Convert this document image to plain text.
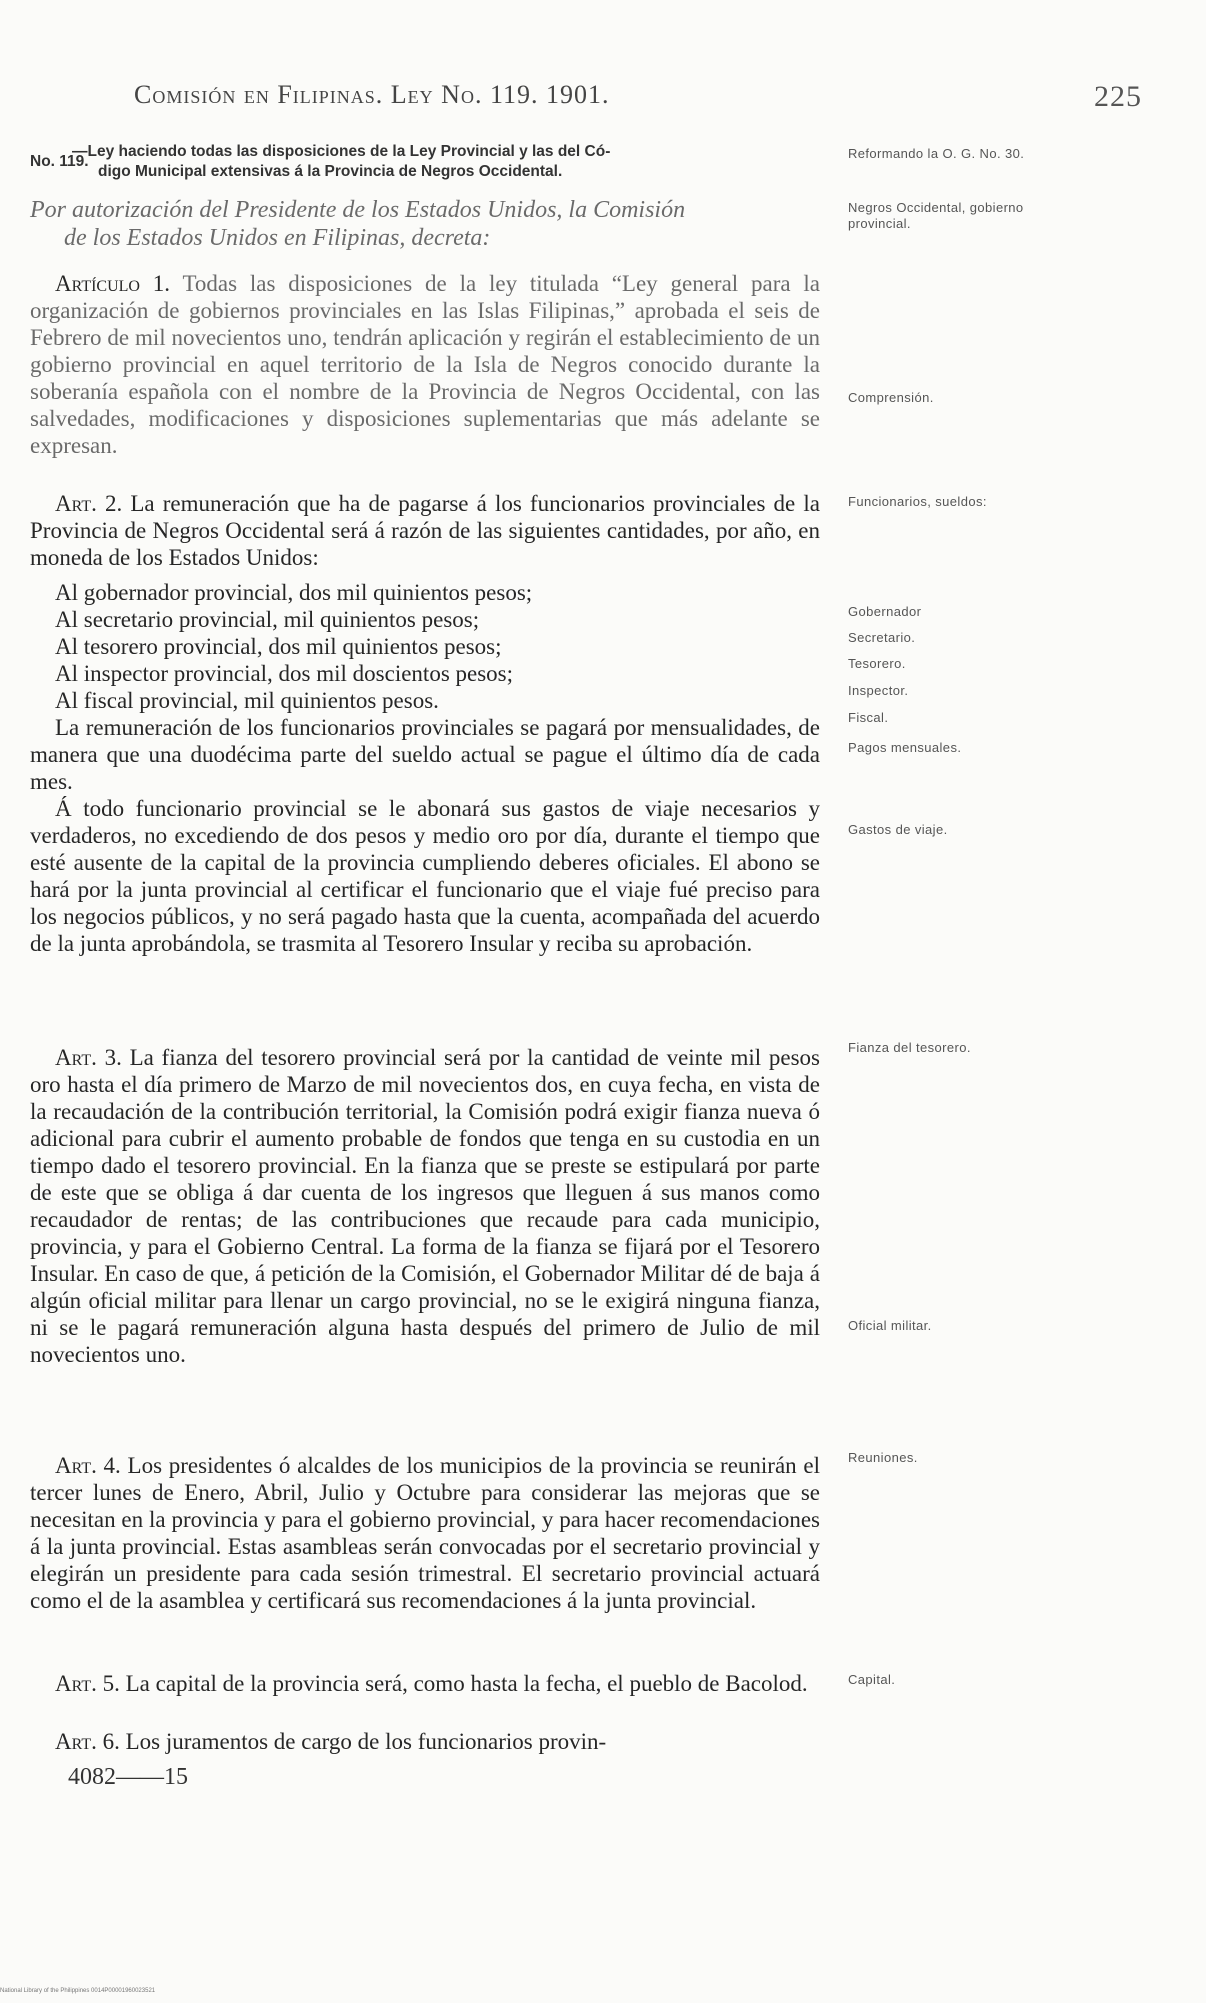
Comisión en Filipinas. Ley No. 119. 1901.	225
No. 119.
—Ley haciendo todas las disposiciones de la Ley Provincial y las del Có-
digo Municipal extensivas á la Provincia de Negros Occidental.

Por autorización del Presidente de los Estados Unidos, la Comisión

de los Estados Unidos en Filipinas, decreta:

Artículo 1. Todas las disposiciones de la ley titulada “Ley general para la organización de gobiernos provinciales en las Islas Filipinas,” aprobada el seis de Febrero de mil novecientos uno, tendrán aplicación y regirán el establecimiento de un gobierno provincial en aquel territorio de la Isla de Negros conocido durante la soberanía española con el nombre de la Provincia de Negros Occidental, con las salvedades, modificaciones y disposiciones suplementarias que más adelante se expresan.

Art. 2. La remuneración que ha de pagarse á los funcionarios provinciales de la Provincia de Negros Occidental será á razón de las siguientes cantidades, por año, en moneda de los Estados Unidos:

Al gobernador provincial, dos mil quinientos pesos;

Al secretario provincial, mil quinientos pesos;

Al tesorero provincial, dos mil quinientos pesos;

Al inspector provincial, dos mil doscientos pesos;

Al fiscal provincial, mil quinientos pesos.

La remuneración de los funcionarios provinciales se pagará por mensualidades, de manera que una duodécima parte del sueldo actual se pague el último día de cada mes.

Á todo funcionario provincial se le abonará sus gastos de viaje necesarios y verdaderos, no excediendo de dos pesos y medio oro por día, durante el tiempo que esté ausente de la capital de la provincia cumpliendo deberes oficiales. El abono se hará por la junta provincial al certificar el funcionario que el viaje fué preciso para los negocios públicos, y no será pagado hasta que la cuenta, acompañada del acuerdo de la junta aprobándola, se trasmita al Tesorero Insular y reciba su aprobación.

Art. 3. La fianza del tesorero provincial será por la cantidad de veinte mil pesos oro hasta el día primero de Marzo de mil novecientos dos, en cuya fecha, en vista de la recaudación de la contribución territorial, la Comisión podrá exigir fianza nueva ó adicional para cubrir el aumento probable de fondos que tenga en su custodia en un tiempo dado el tesorero provincial. En la fianza que se preste se estipulará por parte de este que se obliga á dar cuenta de los ingresos que lleguen á sus manos como recaudador de rentas; de las contribuciones que recaude para cada municipio, provincia, y para el Gobierno Central. La forma de la fianza se fijará por el Tesorero Insular. En caso de que, á petición de la Comisión, el Gobernador Militar dé de baja á algún oficial militar para llenar un cargo provincial, no se le exigirá ninguna fianza, ni se le pagará remuneración alguna hasta después del primero de Julio de mil novecientos uno.

Art. 4. Los presidentes ó alcaldes de los municipios de la provincia se reunirán el tercer lunes de Enero, Abril, Julio y Octubre para considerar las mejoras que se necesitan en la provincia y para el gobierno provincial, y para hacer recomendaciones á la junta provincial. Estas asambleas serán convocadas por el secretario provincial y elegirán un presidente para cada sesión trimestral. El secretario provincial actuará como el de la asamblea y certificará sus recomendaciones á la junta provincial.

Art. 5. La capital de la provincia será, como hasta la fecha, el pueblo de Bacolod.

Art. 6. Los juramentos de cargo de los funcionarios provin-

Reformando la O. G. No. 30.
Negros Occidental, gobierno provincial.
Comprensión.
Funcionarios, sueldos:
Gobernador
Secretario.
Tesorero.
Inspector.
Fiscal.
Pagos mensuales.
Gastos de viaje.
Fianza del tesorero.
Oficial militar.
Reuniones.
Capital.
4082——15
National Library of the Philippines 0014P00001960023521
